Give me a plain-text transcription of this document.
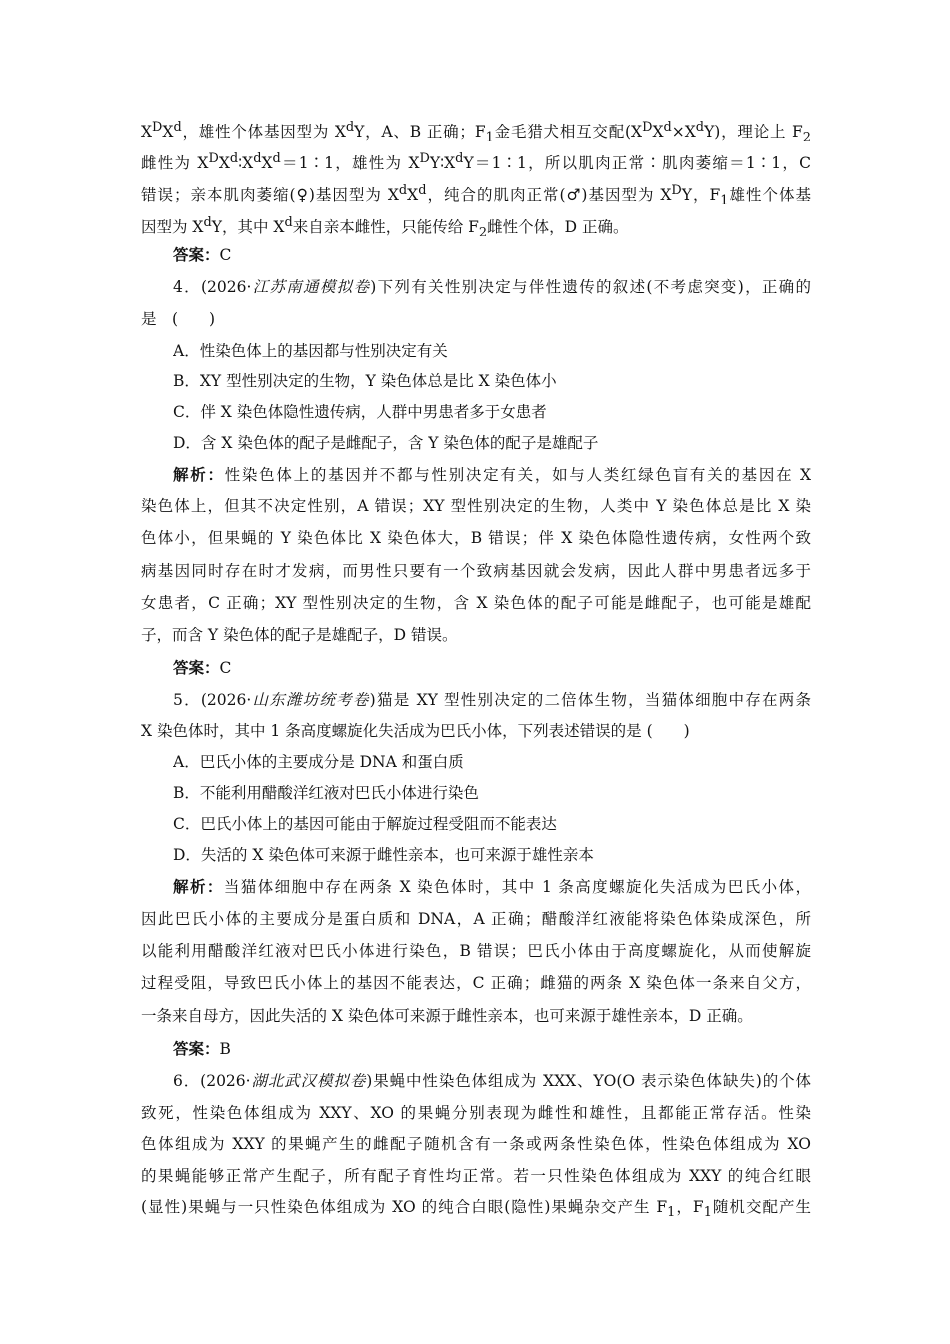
$X^DX^d$，雄性个体基因型为 $X^dY$，A、B 正确；$F_1$金毛猎犬相互交配$(X^DX^d\times X^dY)$，理论上 $F_2$
雌性为 $X^DX^d∶X^dX^d=1∶1$，雄性为 $X^DY∶X^dY=1∶1$，所以肌肉正常∶肌肉萎缩＝1∶1，C
错误；亲本肌肉萎缩(♀)基因型为 $X^dX^d$，纯合的肌肉正常(♂)基因型为 $X^DY$，$F_1$雄性个体基
因型为 $X^dY$，其中 $X^d$来自亲本雌性，只能传给 $F_2$雌性个体，D 正确。
答案：C
4．(2026·江苏南通模拟卷)下列有关性别决定与伴性遗传的叙述(不考虑突变)，正确的
是　(　　)
A．性染色体上的基因都与性别决定有关
B．XY 型性别决定的生物，Y 染色体总是比 X 染色体小
C．伴 X 染色体隐性遗传病，人群中男患者多于女患者
D．含 X 染色体的配子是雌配子，含 Y 染色体的配子是雄配子
解析：性染色体上的基因并不都与性别决定有关，如与人类红绿色盲有关的基因在 X
染色体上，但其不决定性别，A 错误；XY 型性别决定的生物，人类中 Y 染色体总是比 X 染
色体小，但果蝇的 Y 染色体比 X 染色体大，B 错误；伴 X 染色体隐性遗传病，女性两个致
病基因同时存在时才发病，而男性只要有一个致病基因就会发病，因此人群中男患者远多于
女患者，C 正确；XY 型性别决定的生物，含 X 染色体的配子可能是雌配子，也可能是雄配
子，而含 Y 染色体的配子是雄配子，D 错误。
答案：C
5．(2026·山东潍坊统考卷)猫是 XY 型性别决定的二倍体生物，当猫体细胞中存在两条
X 染色体时，其中 1 条高度螺旋化失活成为巴氏小体，下列表述错误的是 (　　)
A．巴氏小体的主要成分是 DNA 和蛋白质
B．不能利用醋酸洋红液对巴氏小体进行染色
C．巴氏小体上的基因可能由于解旋过程受阻而不能表达
D．失活的 X 染色体可来源于雌性亲本，也可来源于雄性亲本
解析：当猫体细胞中存在两条 X 染色体时，其中 1 条高度螺旋化失活成为巴氏小体，
因此巴氏小体的主要成分是蛋白质和 DNA，A 正确；醋酸洋红液能将染色体染成深色，所
以能利用醋酸洋红液对巴氏小体进行染色，B 错误；巴氏小体由于高度螺旋化，从而使解旋
过程受阻，导致巴氏小体上的基因不能表达，C 正确；雌猫的两条 X 染色体一条来自父方，
一条来自母方，因此失活的 X 染色体可来源于雌性亲本，也可来源于雄性亲本，D 正确。
答案：B
6．(2026·湖北武汉模拟卷)果蝇中性染色体组成为 XXX、YO(O 表示染色体缺失)的个体
致死，性染色体组成为 XXY、XO 的果蝇分别表现为雌性和雄性，且都能正常存活。性染
色体组成为 XXY 的果蝇产生的雌配子随机含有一条或两条性染色体，性染色体组成为 XO
的果蝇能够正常产生配子，所有配子育性均正常。若一只性染色体组成为 XXY 的纯合红眼
(显性)果蝇与一只性染色体组成为 XO 的纯合白眼(隐性)果蝇杂交产生 $F_1$，$F_1$随机交配产生
